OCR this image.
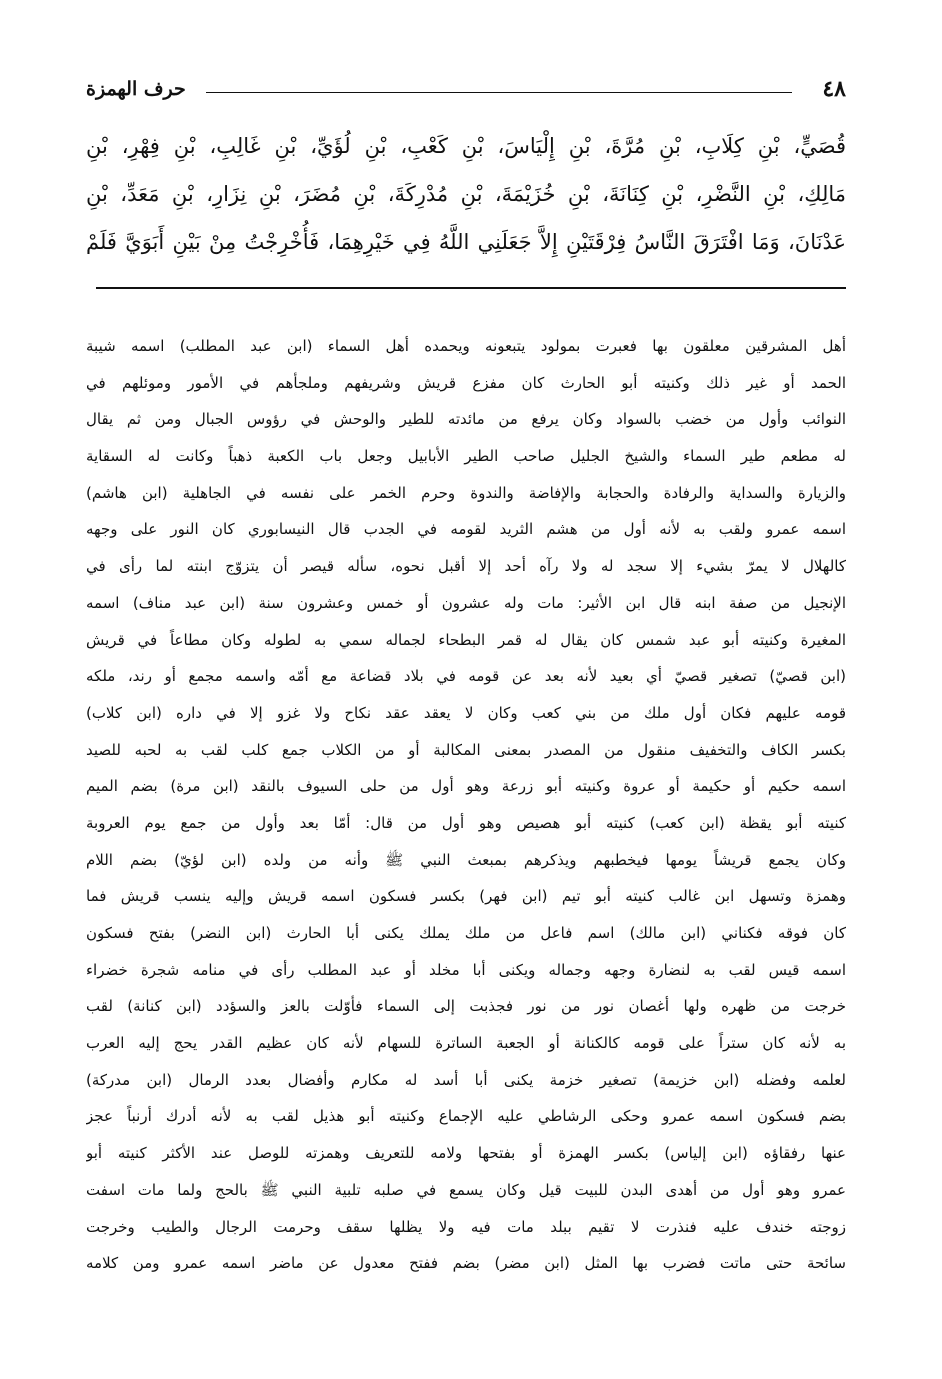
٤٨
حرف الهمزة
قُصَيٍّ، بْنِ كِلَابِ، بْنِ مُرَّةَ، بْنِ إِلْيَاسَ، بْنِ كَعْبِ، بْنِ لُؤَيِّ، بْنِ غَالِبِ، بْنِ فِهْرِ، بْنِ
مَالِكِ، بْنِ النَّضْرِ، بْنِ كِنَانَةَ، بْنِ خُزَيْمَةَ، بْنِ مُدْرِكَةَ، بْنِ مُضَرَ، بْنِ نِزَارِ، بْنِ مَعَدِّ، بْنِ
عَدْنَانَ، وَمَا افْتَرَقَ النَّاسُ فِرْقَتَيْنِ إِلاَّ جَعَلَنِي اللَّهُ فِي خَيْرِهِمَا، فَأُخْرِجْتُ مِنْ بَيْنِ أَبَوَيَّ فَلَمْ
أهل المشرقين معلقون بها فعبرت بمولود يتبعونه ويحمده أهل السماء (ابن عبد المطلب) اسمه شيبة
الحمد أو غير ذلك وكنيته أبو الحارث كان مفزع قريش وشريفهم وملجأهم في الأمور وموئلهم في
النوائب وأول من خضب بالسواد وكان يرفع من مائدته للطير والوحش في رؤوس الجبال ومن ثم يقال
له مطعم طير السماء والشيخ الجليل صاحب الطير الأبابيل وجعل باب الكعبة ذهباً وكانت له السقاية
والزيارة والسداية والرفادة والحجابة والإفاضة والندوة وحرم الخمر على نفسه في الجاهلية (ابن هاشم)
اسمه عمرو ولقب به لأنه أول من هشم الثريد لقومه في الجدب قال النيسابوري كان النور على وجهه
كالهلال لا يمرّ بشيء إلا سجد له ولا رآه أحد إلا أقبل نحوه، سأله قيصر أن يتزوّج ابنته لما رأى في
الإنجيل من صفة ابنه قال ابن الأثير: مات وله عشرون أو خمس وعشرون سنة (ابن عبد مناف) اسمه
المغيرة وكنيته أبو عبد شمس كان يقال له قمر البطحاء لجماله سمي به لطوله وكان مطاعاً في قريش
(ابن قصيّ) تصغير قصيّ أي بعيد لأنه بعد عن قومه في بلاد قضاعة مع أمّه واسمه مجمع أو رند، ملكه
قومه عليهم فكان أول ملك من بني كعب وكان لا يعقد عقد نكاح ولا غزو إلا في داره (ابن كلاب)
بكسر الكاف والتخفيف منقول من المصدر بمعنى المكالبة أو من الكلاب جمع كلب لقب به لحبه للصيد
اسمه حكيم أو حكيمة أو عروة وكنيته أبو زرعة وهو أول من حلى السيوف بالنقد (ابن مرة) بضم الميم
كنيته أبو يقظة (ابن كعب) كنيته أبو هصيص وهو أول من قال: أمّا بعد وأول من جمع يوم العروبة
وكان يجمع قريشاً يومها فيخطبهم ويذكرهم بمبعث النبي ﷺ وأنه من ولده (ابن لؤيّ) بضم اللام
وهمزة وتسهل ابن غالب كنيته أبو تيم (ابن فهر) بكسر فسكون اسمه قريش وإليه ينسب قريش فما
كان فوقه فكناني (ابن مالك) اسم فاعل من ملك يملك يكنى أبا الحارث (ابن النضر) بفتح فسكون
اسمه قيس لقب به لنضارة وجهه وجماله ويكنى أبا مخلد أو عبد المطلب رأى في منامه شجرة خضراء
خرجت من ظهره ولها أغصان نور من نور فجذبت إلى السماء فأوّلت بالعز والسؤدد (ابن كنانة) لقب
به لأنه كان ستراً على قومه كالكنانة أو الجعبة الساترة للسهام لأنه كان عظيم القدر يحج إليه العرب
لعلمه وفضله (ابن خزيمة) تصغير خزمة يكنى أبا أسد له مكارم وأفضال بعدد الرمال (ابن مدركة)
بضم فسكون اسمه عمرو وحكى الرشاطي عليه الإجماع وكنيته أبو هذيل لقب به لأنه أدرك أرنباً عجز
عنها رفقاؤه (ابن إلياس) بكسر الهمزة أو بفتحها ولامه للتعريف وهمزته للوصل عند الأكثر كنيته أبو
عمرو وهو أول من أهدى البدن للبيت قيل وكان يسمع في صلبه تلبية النبي ﷺ بالحج ولما مات اسفت
زوجته خندف عليه فنذرت لا تقيم ببلد مات فيه ولا يظلها سقف وحرمت الرجال والطيب وخرجت
سائحة حتى ماتت فضرب بها المثل (ابن مضر) بضم ففتح معدول عن ماضر اسمه عمرو ومن كلامه
